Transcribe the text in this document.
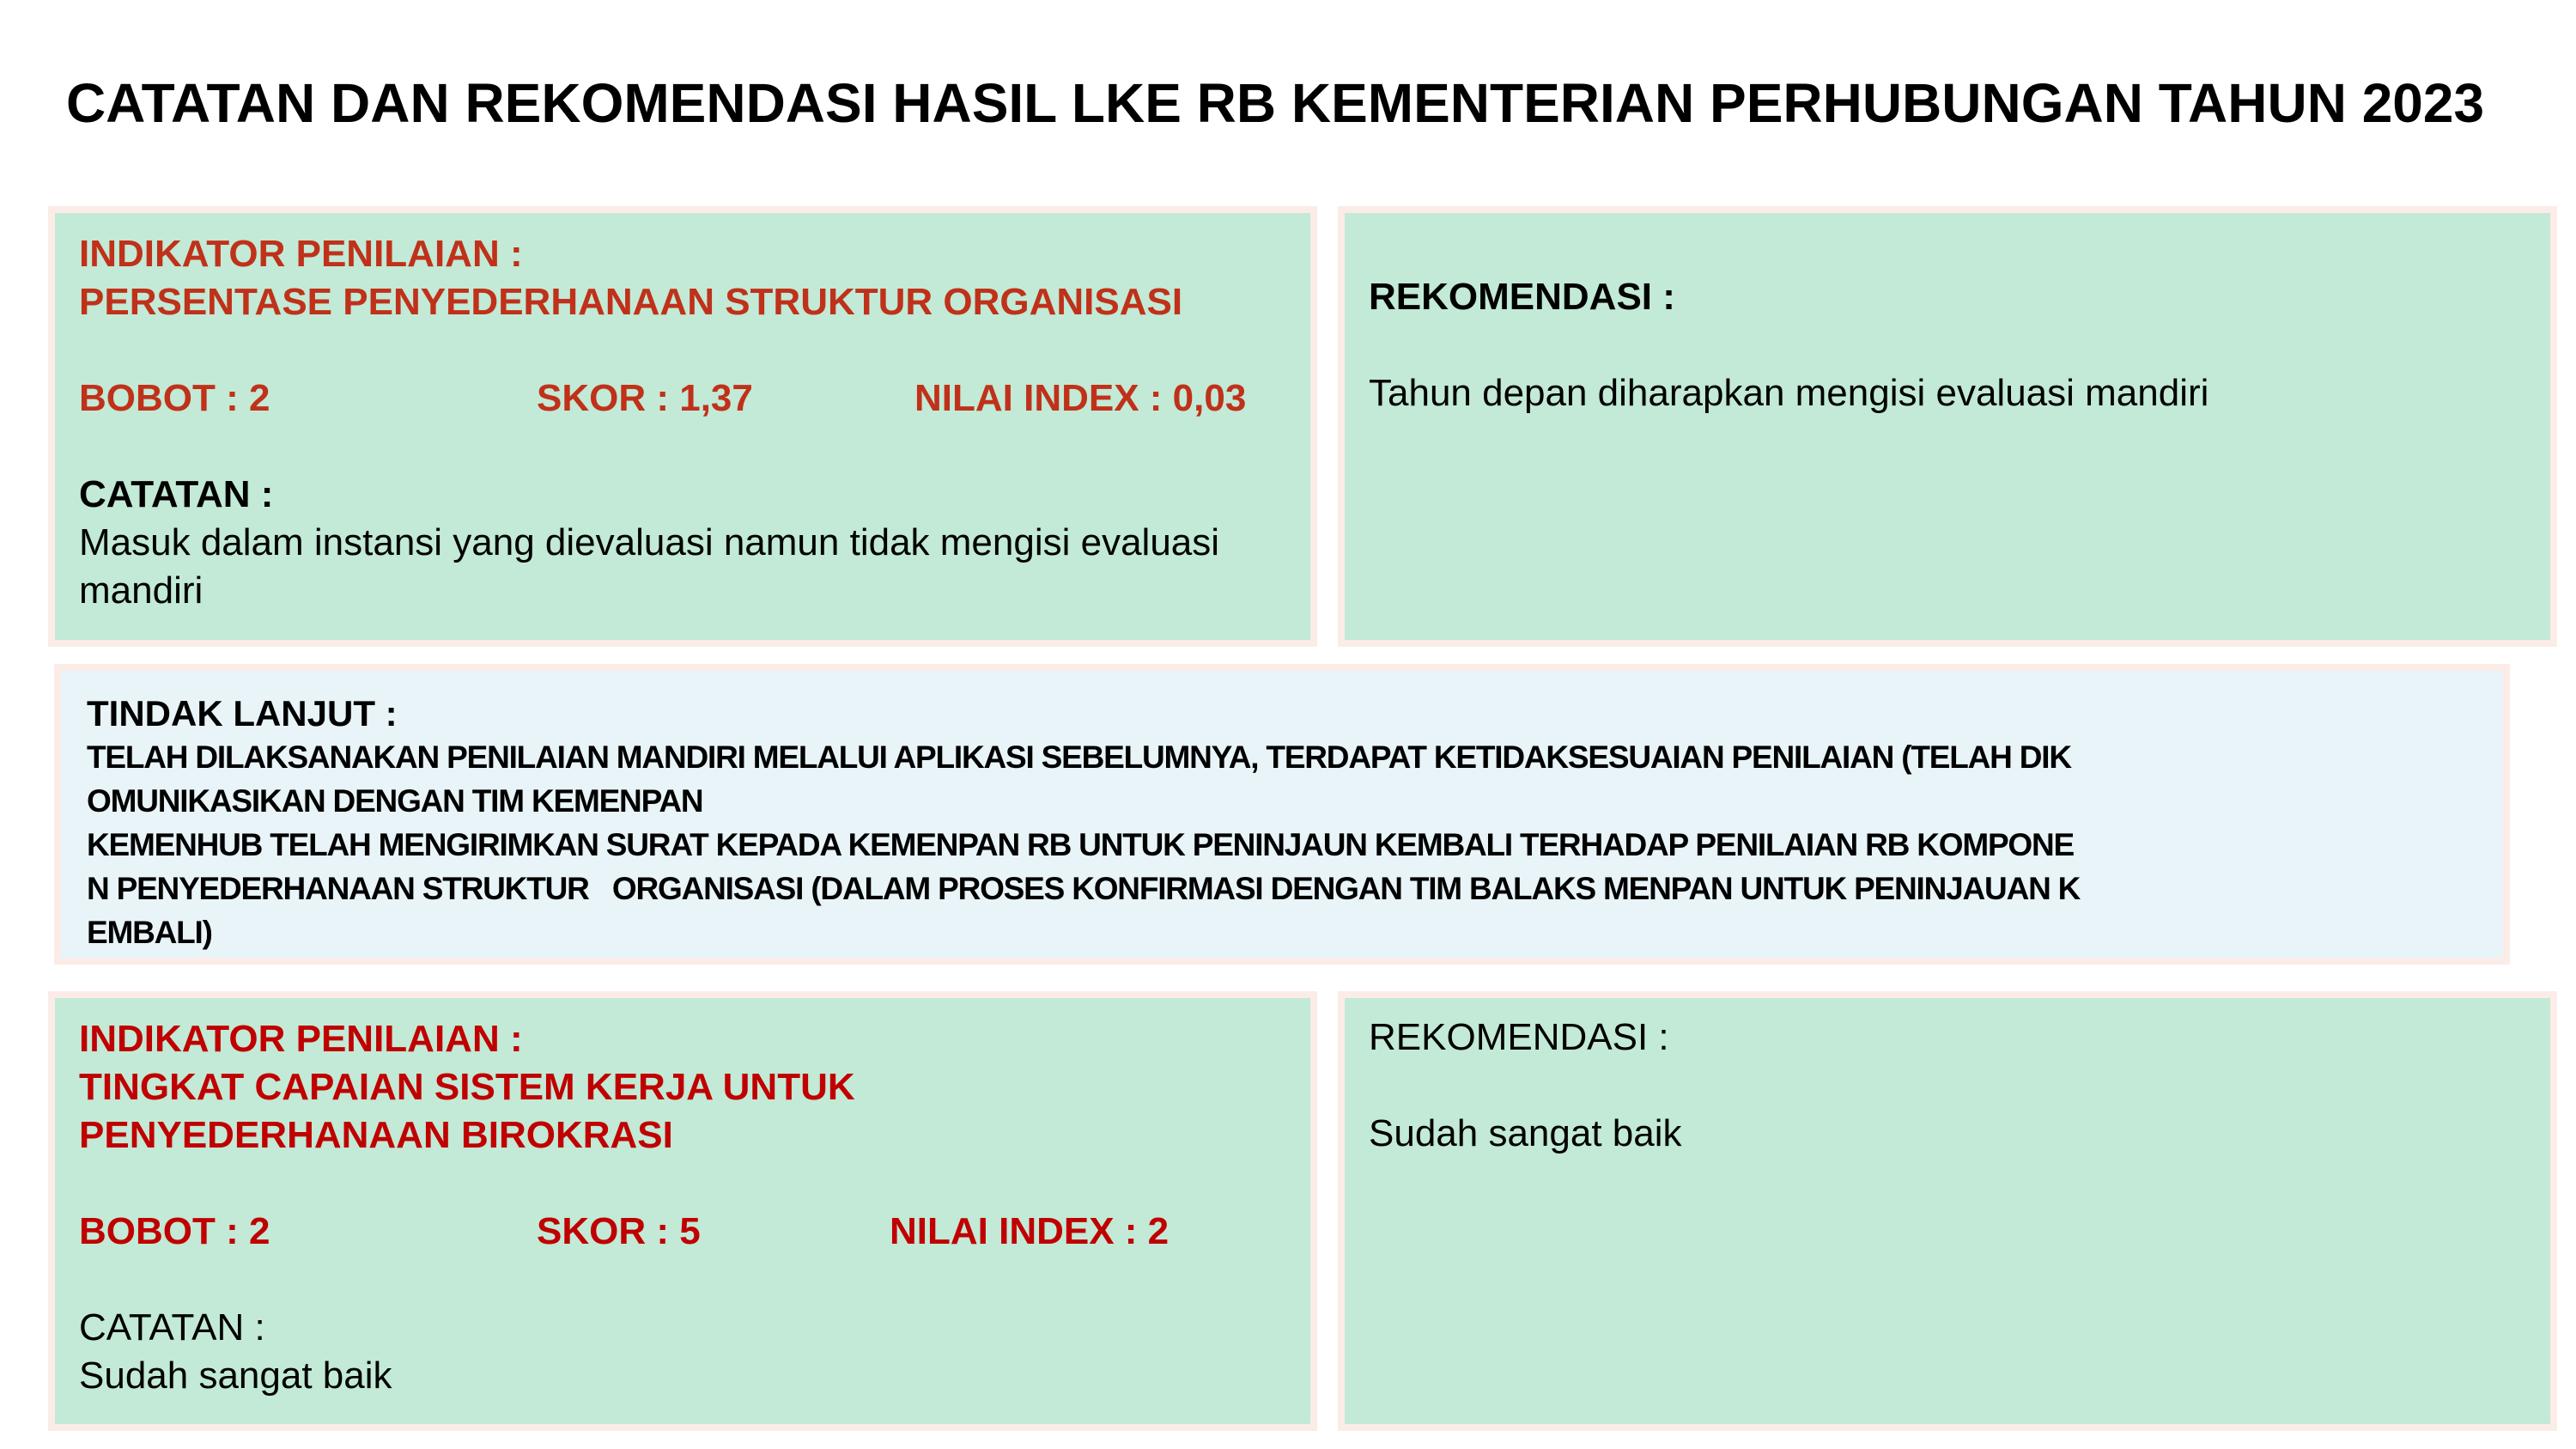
CATATAN DAN REKOMENDASI HASIL LKE RB KEMENTERIAN PERHUBUNGAN TAHUN 2023
INDIKATOR PENILAIAN :
PERSENTASE PENYEDERHANAAN STRUKTUR ORGANISASI
BOBOT : 2	SKOR : 1,37	NILAI INDEX : 0,03
CATATAN :
Masuk dalam instansi yang dievaluasi namun tidak mengisi evaluasi
mandiri
REKOMENDASI :
Tahun depan diharapkan mengisi evaluasi mandiri
TINDAK LANJUT :
TELAH DILAKSANAKAN PENILAIAN MANDIRI MELALUI APLIKASI SEBELUMNYA, TERDAPAT KETIDAKSESUAIAN PENILAIAN (TELAH DIK
OMUNIKASIKAN DENGAN TIM KEMENPAN
KEMENHUB TELAH MENGIRIMKAN SURAT KEPADA KEMENPAN RB UNTUK PENINJAUN KEMBALI TERHADAP PENILAIAN RB KOMPONE
N PENYEDERHANAAN STRUKTUR   ORGANISASI (DALAM PROSES KONFIRMASI DENGAN TIM BALAKS MENPAN UNTUK PENINJAUAN K
EMBALI)
INDIKATOR PENILAIAN :
TINGKAT CAPAIAN SISTEM KERJA UNTUK
PENYEDERHANAAN BIROKRASI
BOBOT : 2	SKOR : 5	NILAI INDEX : 2
CATATAN :
Sudah sangat baik
REKOMENDASI :
Sudah sangat baik
